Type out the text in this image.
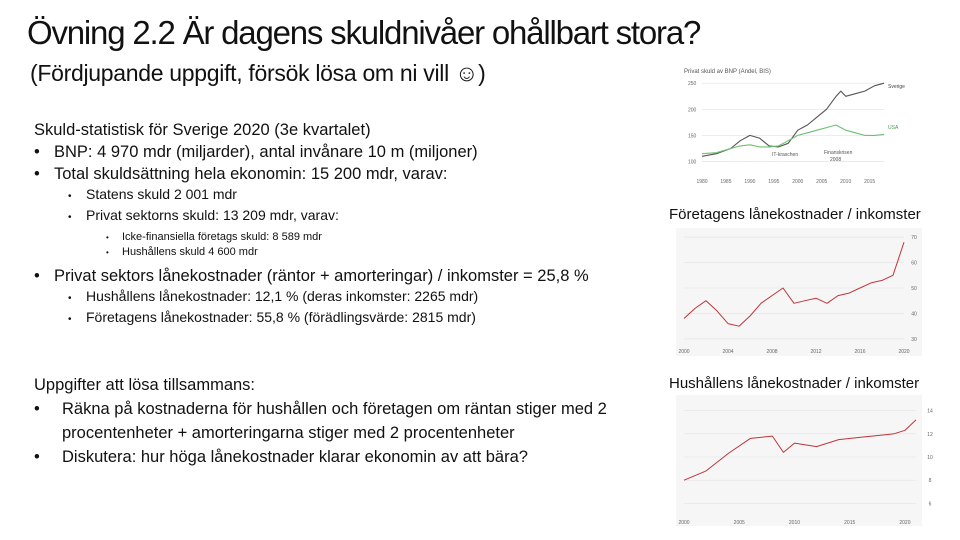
Övning 2.2 Är dagens skuldnivåer ohållbart stora?
(Fördjupande uppgift, försök lösa om ni vill ☺)
Skuld-statistisk för Sverige 2020 (3e kvartalet)
• BNP: 4 970 mdr (miljarder), antal invånare 10 m (miljoner)
• Total skuldsättning hela ekonomin: 15 200 mdr, varav:
• Statens skuld 2 001 mdr
• Privat sektorns skuld: 13 209 mdr, varav:
• Icke-finansiella företags skuld: 8 589 mdr
• Hushållens skuld 4 600 mdr
• Privat sektors lånekostnader (räntor + amorteringar) / inkomster = 25,8 %
• Hushållens lånekostnader: 12,1 % (deras inkomster: 2265 mdr)
• Företagens lånekostnader: 55,8 % (förädlingsvärde: 2815 mdr)
Uppgifter att lösa tillsammans:
• Räkna på kostnaderna för hushållen och företagen om räntan stiger med 2 procentenheter + amorteringarna stiger med 2 procentenheter
• Diskutera: hur höga lånekostnader klarar ekonomin av att bära?
Privat skuld av BNP (Andel, BIS)
250
200
150
100
1980	1985	1990	1995	2000	2005	2010	2015
Sverige
USA
IT-kraschen	Finanskrisen
2008
Företagens lånekostnader / inkomster
70
60
50
40
30
2000	2004	2008	2012	2016	2020
Hushållens lånekostnader / inkomster
14
12
10
8
6
2000	2005	2010	2015	2020
